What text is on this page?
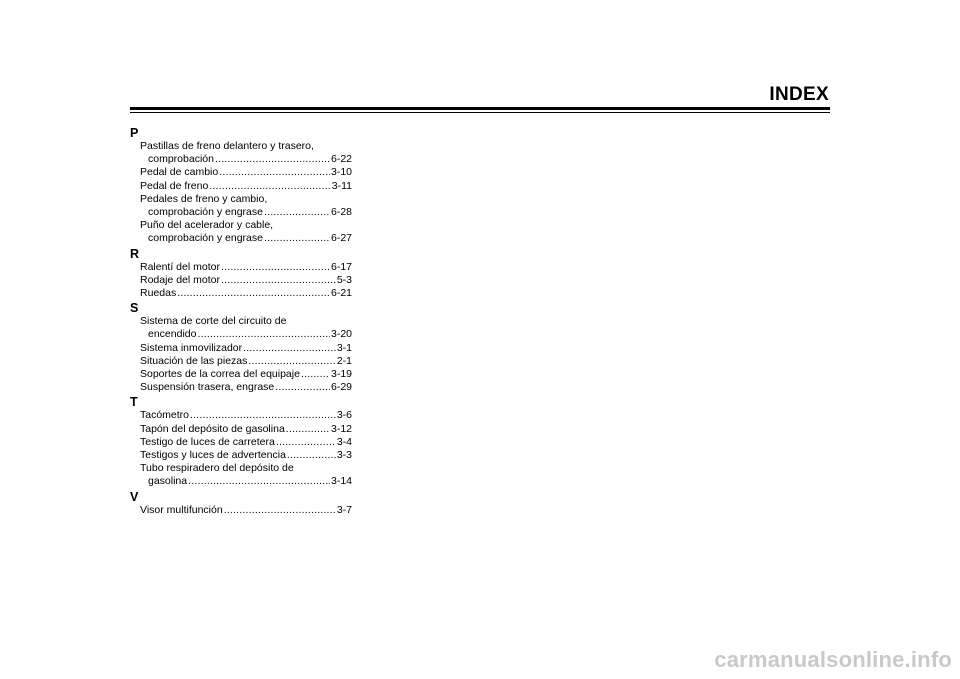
INDEX
P
Pastillas de freno delantero y trasero,
comprobación .....	6-22
Pedal de cambio .....	3-10
Pedal de freno .....	3-11
Pedales de freno y cambio,
comprobación y engrase .....	6-28
Puño del acelerador y cable,
comprobación y engrase .....	6-27
R
Ralentí del motor .....	6-17
Rodaje del motor .....	5-3
Ruedas .....	6-21
S
Sistema de corte del circuito de
encendido .....	3-20
Sistema inmovilizador .....	3-1
Situación de las piezas .....	2-1
Soportes de la correa del equipaje .....	3-19
Suspensión trasera, engrase .....	6-29
T
Tacómetro .....	3-6
Tapón del depósito de gasolina .....	3-12
Testigo de luces de carretera .....	3-4
Testigos y luces de advertencia .....	3-3
Tubo respiradero del depósito de
gasolina .....	3-14
V
Visor multifunción .....	3-7
carmanualsonline.info
